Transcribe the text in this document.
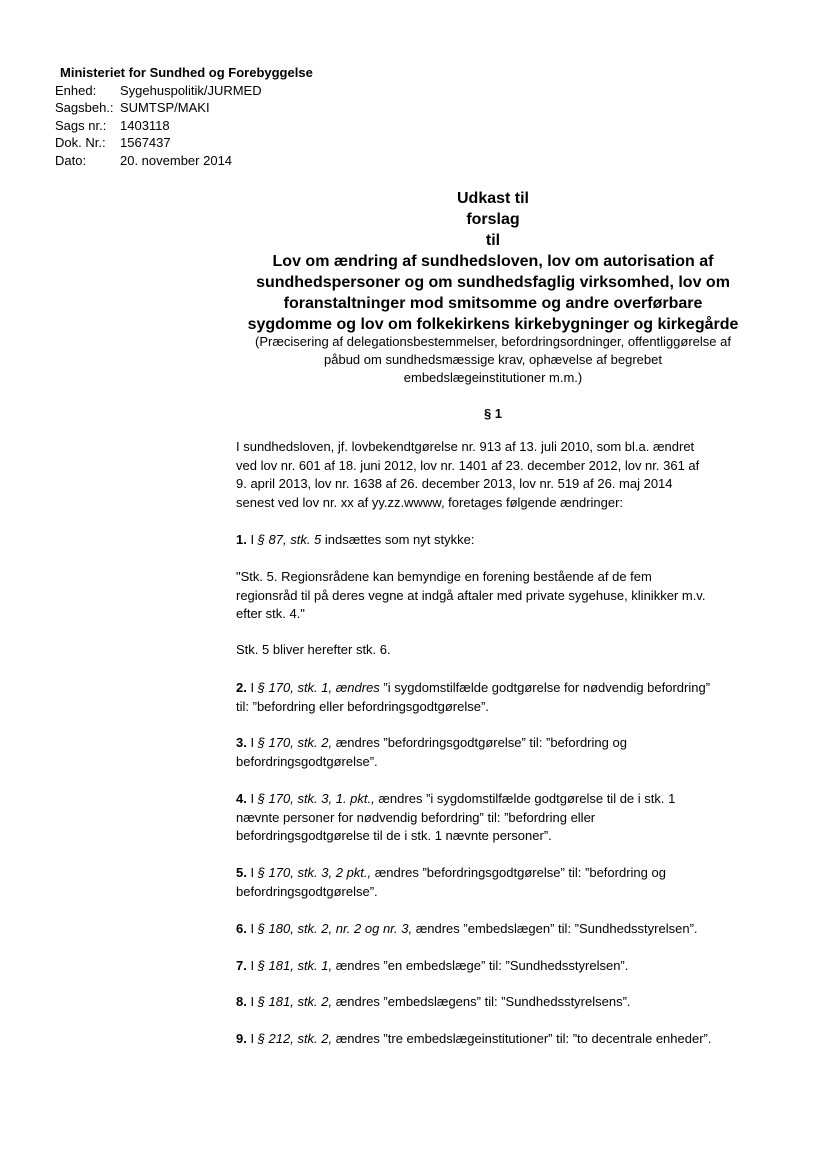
Ministeriet for Sundhed og Forebyggelse
Enhed:	Sygehuspolitik/JURMED
Sagsbeh.: SUMTSP/MAKI
Sags nr.:	1403118
Dok. Nr.:	1567437
Dato:	20. november 2014
Udkast til
forslag
til
Lov om ændring af sundhedsloven, lov om autorisation af
sundhedspersoner og om sundhedsfaglig virksomhed, lov om
foranstaltninger mod smitsomme og andre overførbare
sygdomme og lov om folkekirkens kirkebygninger og kirkegårde
(Præcisering af delegationsbestemmelser, befordringsordninger, offentliggørelse af
påbud om sundhedsmæssige krav, ophævelse af begrebet
embedslægeinstitutioner m.m.)
§ 1
I sundhedsloven, jf. lovbekendtgørelse nr. 913 af 13. juli 2010, som bl.a. ændret
ved lov nr. 601 af 18. juni 2012, lov nr. 1401 af 23. december 2012, lov nr. 361 af
9. april 2013, lov nr. 1638 af 26. december 2013, lov nr. 519 af 26. maj 2014
senest ved lov nr. xx af yy.zz.wwww, foretages følgende ændringer:
1. I § 87, stk. 5 indsættes som nyt stykke:
"Stk. 5. Regionsrådene kan bemyndige en forening bestående af de fem
regionsråd til på deres vegne at indgå aftaler med private sygehuse, klinikker m.v.
efter stk. 4."
Stk. 5 bliver herefter stk. 6.
2. I § 170, stk. 1, ændres ”i sygdomstilfælde godtgørelse for nødvendig befordring”
til: ”befordring eller befordringsgodtgørelse”.
3. I § 170, stk. 2, ændres ”befordringsgodtgørelse” til: ”befordring og
befordringsgodtgørelse”.
4. I § 170, stk. 3, 1. pkt., ændres ”i sygdomstilfælde godtgørelse til de i stk. 1
nævnte personer for nødvendig befordring” til: ”befordring eller
befordringsgodtgørelse til de i stk. 1 nævnte personer”.
5. I § 170, stk. 3, 2 pkt., ændres ”befordringsgodtgørelse” til: ”befordring og
befordringsgodtgørelse”.
6. I § 180, stk. 2, nr. 2 og nr. 3, ændres ”embedslægen” til: ”Sundhedsstyrelsen”.
7. I § 181, stk. 1, ændres ”en embedslæge” til: ”Sundhedsstyrelsen”.
8. I § 181, stk. 2, ændres ”embedslægens” til: ”Sundhedsstyrelsens”.
9. I § 212, stk. 2, ændres ”tre embedslægeinstitutioner” til: ”to decentrale enheder”.
